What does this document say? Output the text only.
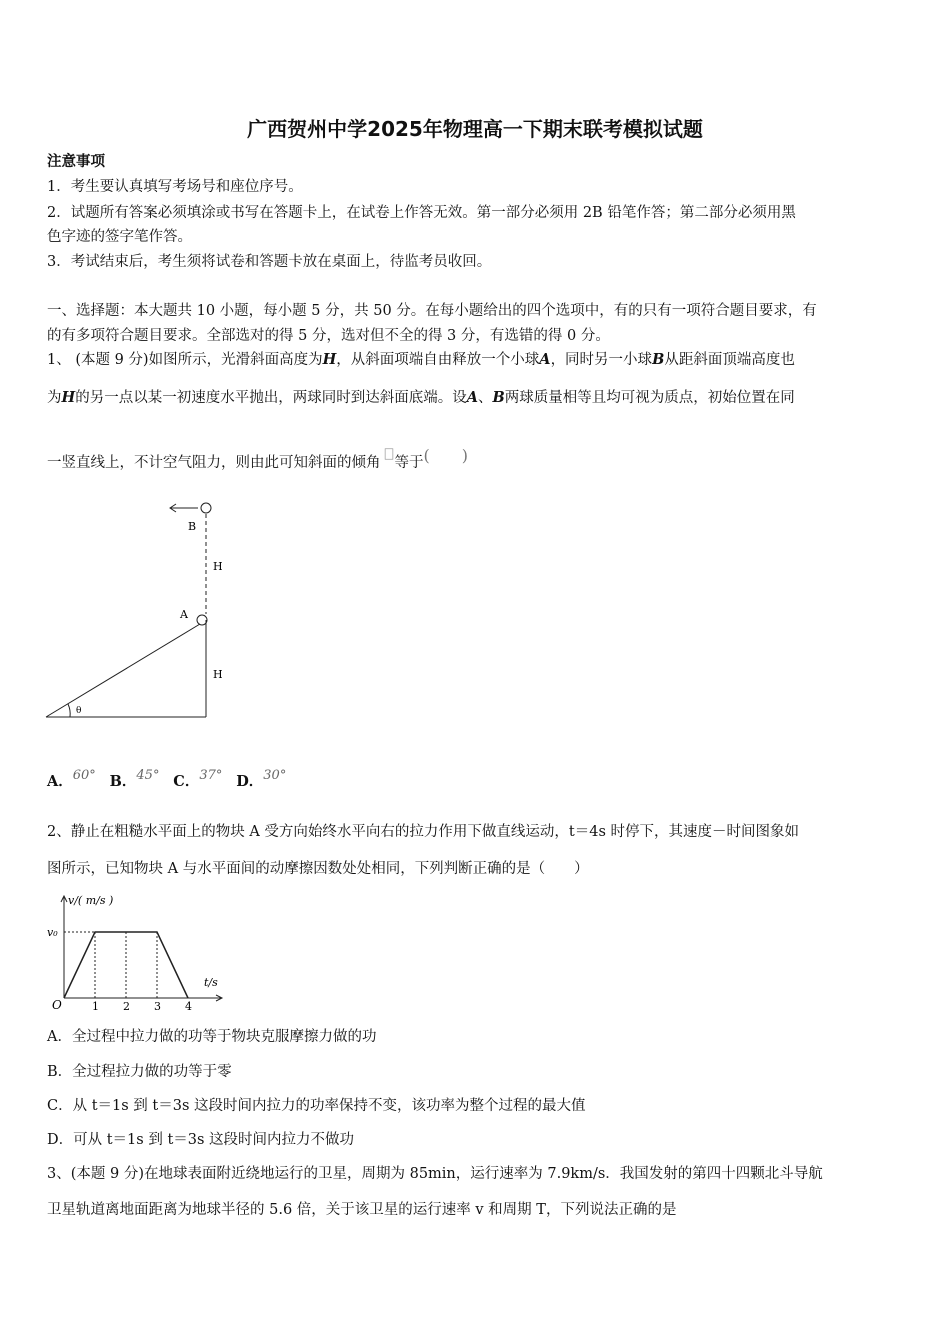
广西贺州中学2025年物理高一下期末联考模拟试题
注意事项
1．考生要认真填写考场号和座位序号。
2．试题所有答案必须填涂或书写在答题卡上，在试卷上作答无效。第一部分必须用 2B 铅笔作答；第二部分必须用黑
色字迹的签字笔作答。
3．考试结束后，考生须将试卷和答题卡放在桌面上，待监考员收回。
一、选择题：本大题共 10 小题，每小题 5 分，共 50 分。在每小题给出的四个选项中，有的只有一项符合题目要求，有
的有多项符合题目要求。全部选对的得 5 分，选对但不全的得 3 分，有选错的得 0 分。
1、 (本题 9 分)如图所示，光滑斜面高度为H，从斜面项端自由释放一个小球A，同时另一小球B从距斜面顶端高度也
为H的另一点以某一初速度水平抛出，两球同时到达斜面底端。设A、B两球质量相等且均可视为质点，初始位置在同
一竖直线上，不计空气阻力，则由此可知斜面的倾角 等于(　　)
B
H
A
H
θ
A．60° B．45° C．37° D．30°
2、静止在粗糙水平面上的物块 A 受方向始终水平向右的拉力作用下做直线运动，t＝4s 时停下，其速度－时间图象如
图所示，已知物块 A 与水平面间的动摩擦因数处处相同，下列判断正确的是（　　）
v/( m/s )
t/s
v₀
O	1 2 3 4
A．全过程中拉力做的功等于物块克服摩擦力做的功
B．全过程拉力做的功等于零
C．从 t＝1s 到 t＝3s 这段时间内拉力的功率保持不变，该功率为整个过程的最大值
D．可从 t＝1s 到 t＝3s 这段时间内拉力不做功
3、(本题 9 分)在地球表面附近绕地运行的卫星，周期为 85min，运行速率为 7.9km/s．我国发射的第四十四颗北斗导航
卫星轨道离地面距离为地球半径的 5.6 倍，关于该卫星的运行速率 v 和周期 T，下列说法正确的是
